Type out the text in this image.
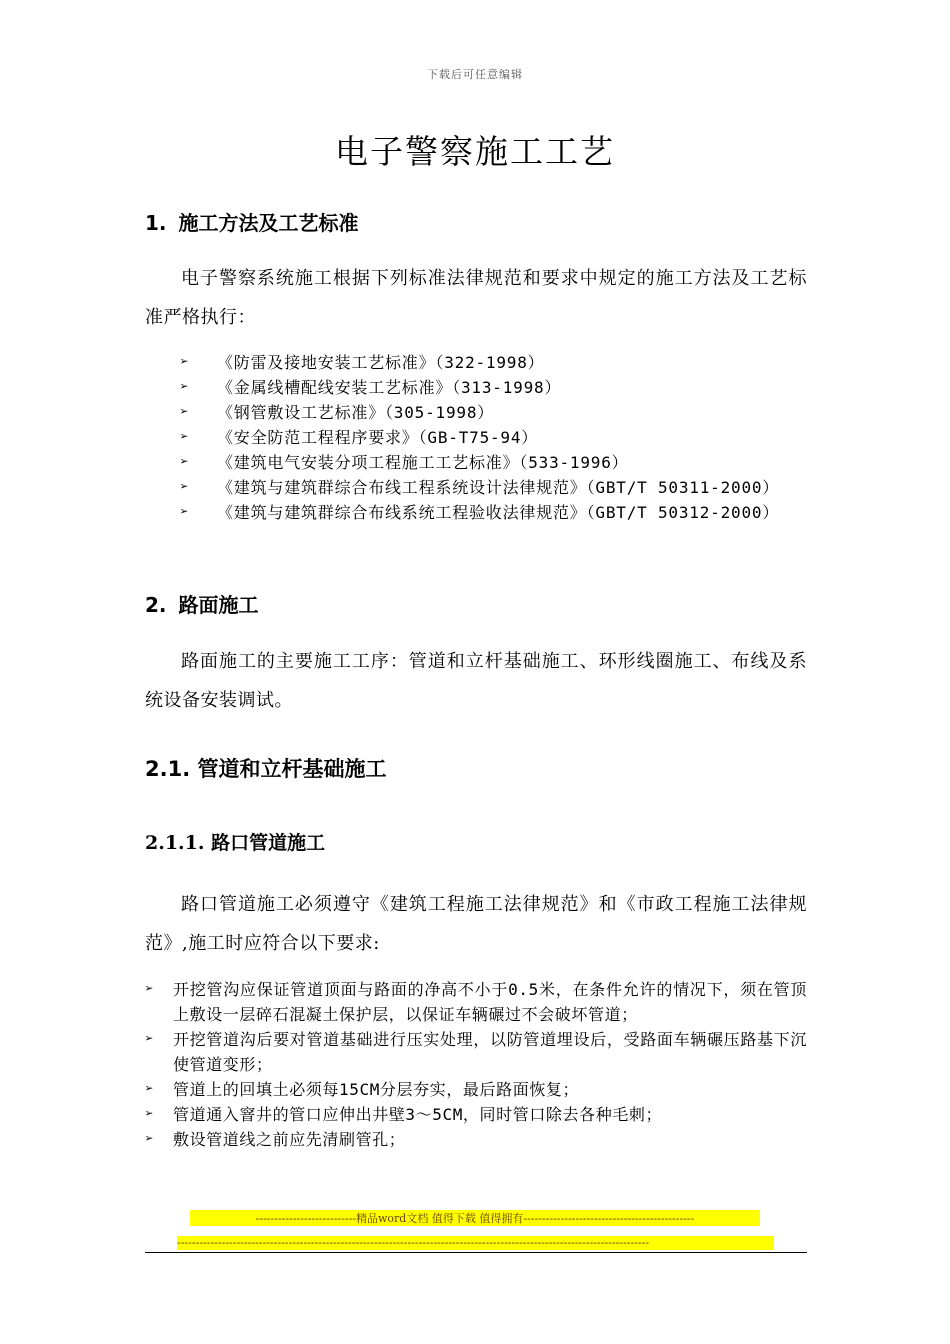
下载后可任意编辑
电子警察施工工艺
1. 施工方法及工艺标准
电子警察系统施工根据下列标准法律规范和要求中规定的施工方法及工艺标准严格执行：
➢ 《防雷及接地安装工艺标准》（322-1998）
➢ 《金属线槽配线安装工艺标准》（313-1998）
➢ 《钢管敷设工艺标准》（305-1998）
➢ 《安全防范工程程序要求》（GB-T75-94）
➢ 《建筑电气安装分项工程施工工艺标准》（533-1996）
➢ 《建筑与建筑群综合布线工程系统设计法律规范》（GBT/T 50311-2000）
➢ 《建筑与建筑群综合布线系统工程验收法律规范》（GBT/T 50312-2000）
2. 路面施工
路面施工的主要施工工序：管道和立杆基础施工、环形线圈施工、布线及系统设备安装调试。
2.1. 管道和立杆基础施工
2.1.1. 路口管道施工
路口管道施工必须遵守《建筑工程施工法律规范》和《市政工程施工法律规范》,施工时应符合以下要求:
➢ 开挖管沟应保证管道顶面与路面的净高不小于0.5米，在条件允许的情况下，须在管顶上敷设一层碎石混凝土保护层，以保证车辆碾过不会破坏管道；
➢ 开挖管道沟后要对管道基础进行压实处理，以防管道埋设后，受路面车辆碾压路基下沉使管道变形；
➢ 管道上的回填土必须每15CM分层夯实，最后路面恢复；
➢ 管道通入窨井的管口应伸出井壁3～5CM，同时管口除去各种毛刺；
➢ 敷设管道线之前应先清刷管孔；
---------------------------精品word文档 值得下载 值得拥有----------------------------------------------
-------------------------------------------------------------------------------------------------------------------------------
